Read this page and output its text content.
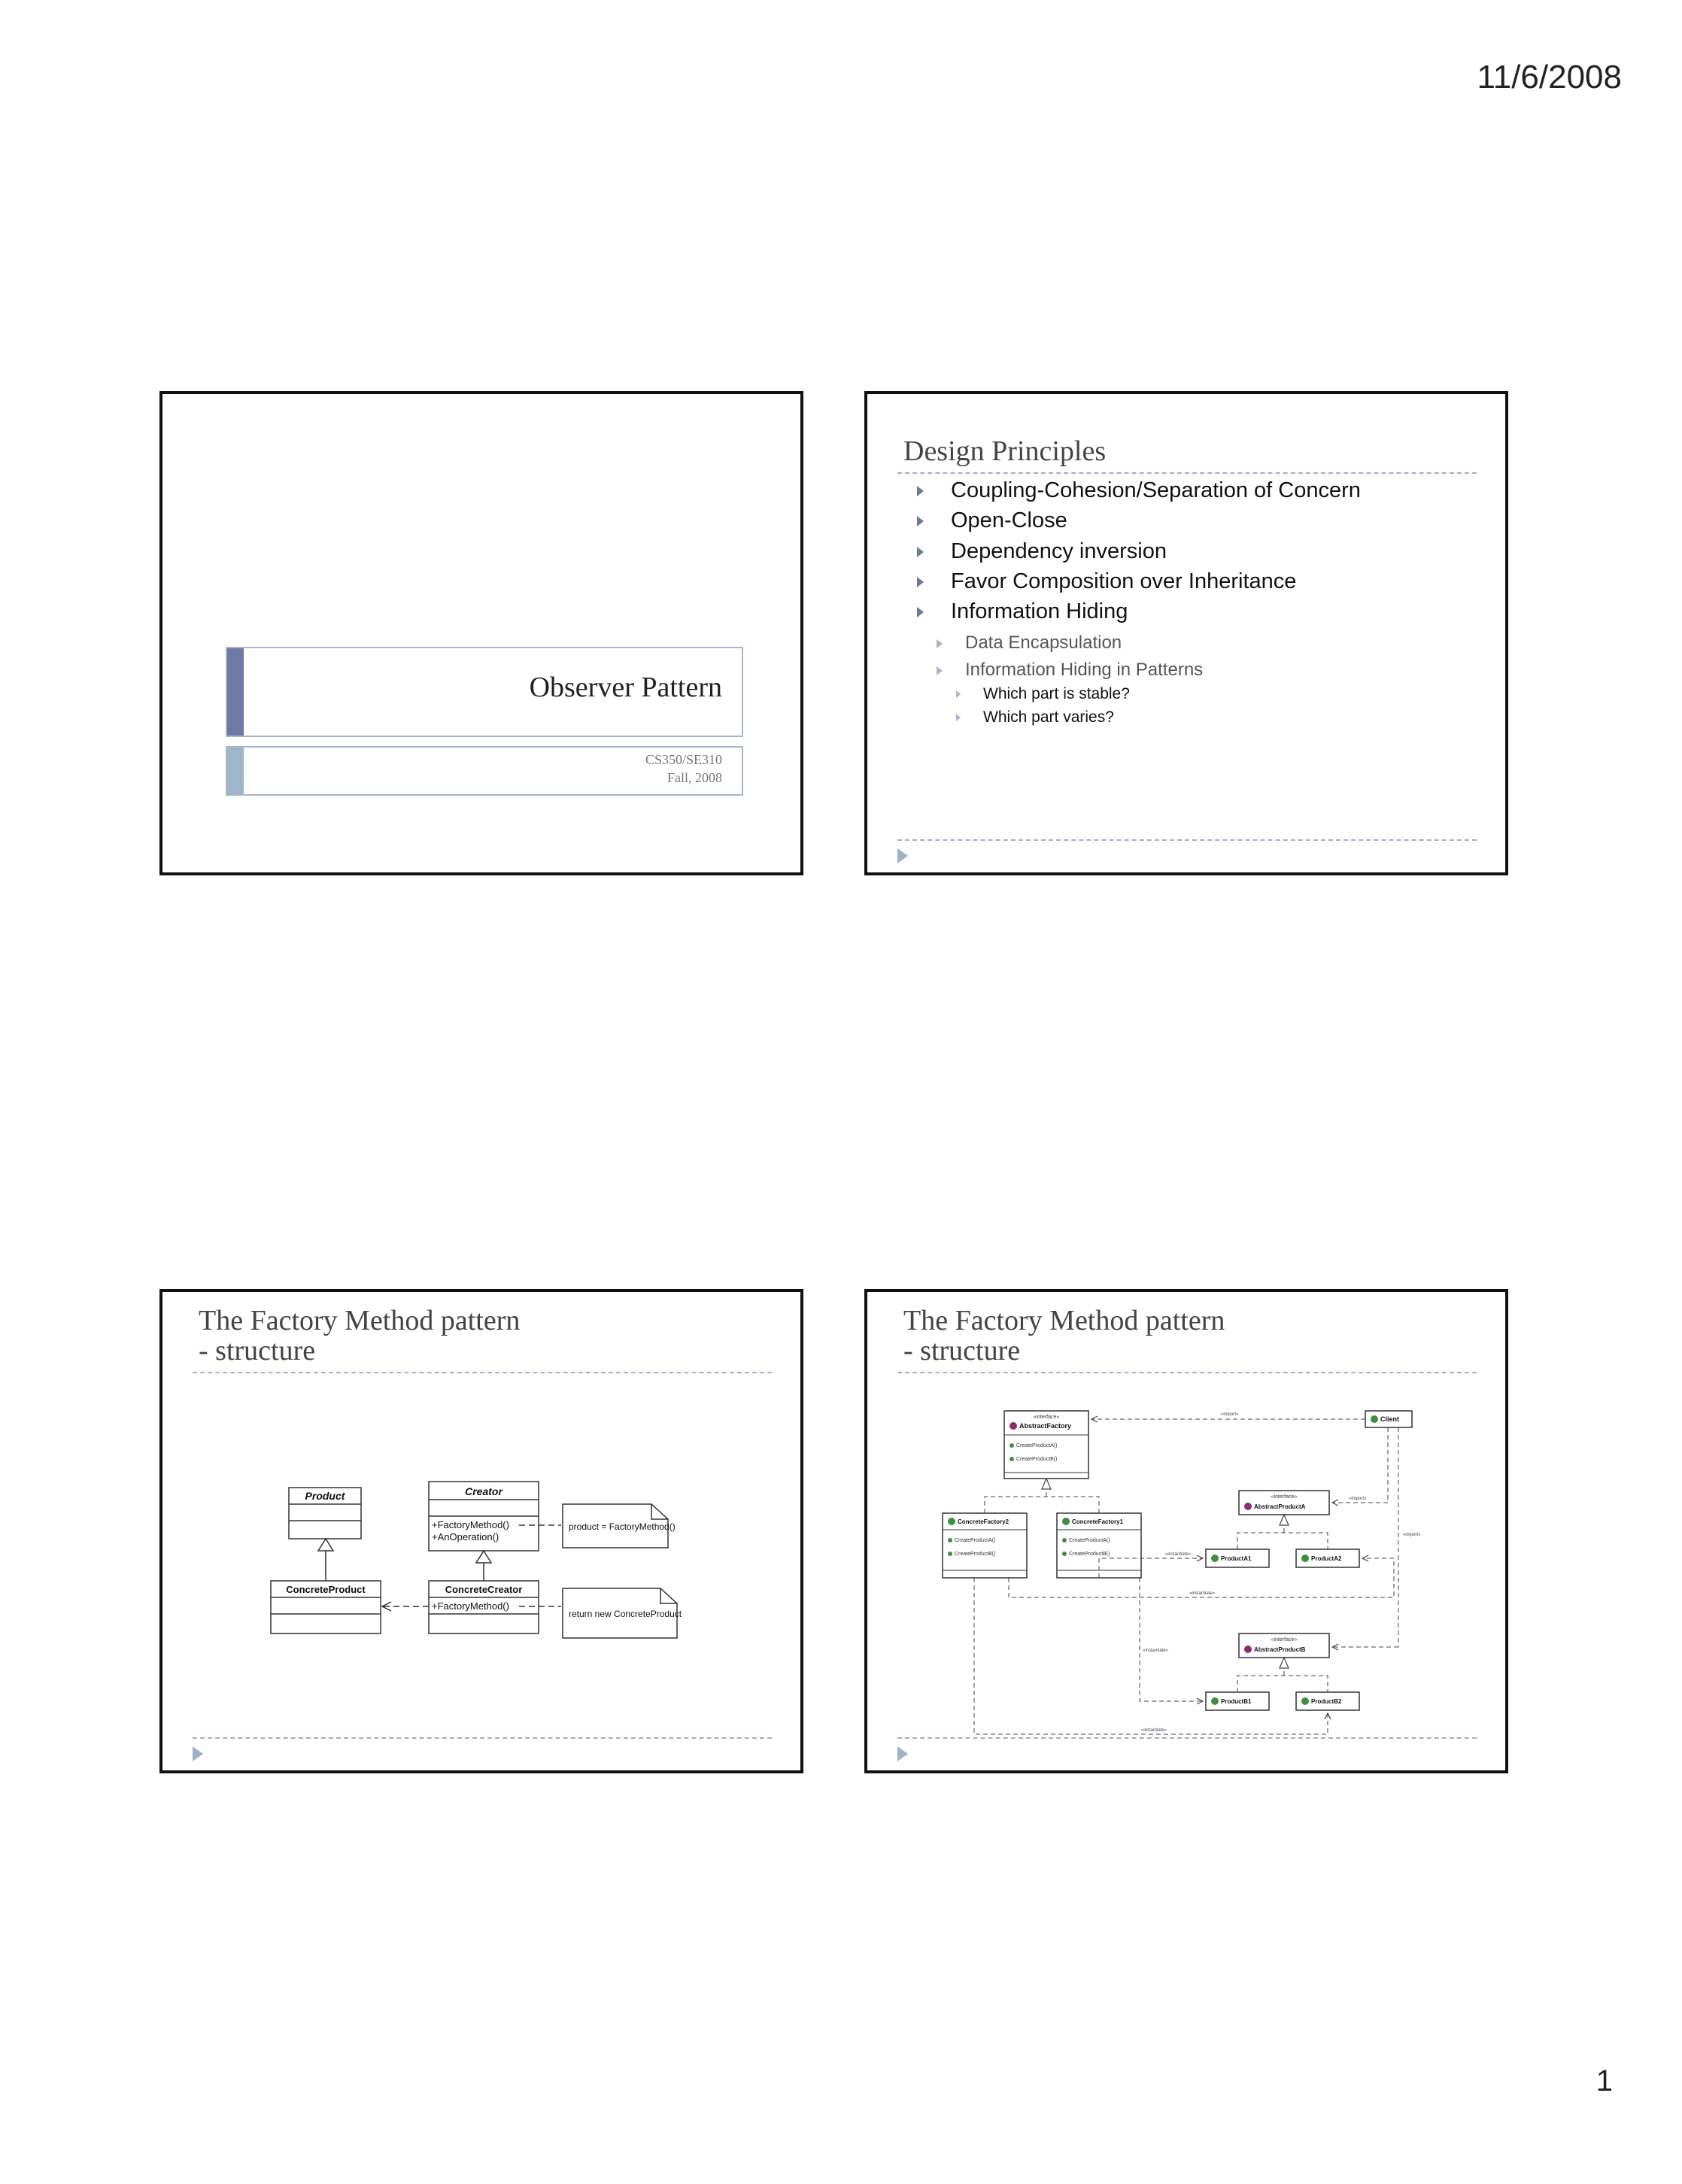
11/6/2008
Observer Pattern
CS350/SE310
Fall, 2008
Design Principles
Coupling-Cohesion/Separation of Concern
Open-Close
Dependency inversion
Favor Composition over Inheritance
Information Hiding
Data Encapsulation
Information Hiding in Patterns
Which part is stable?
Which part varies?
The Factory Method pattern
- structure
Product	Creator
+FactoryMethod()
+AnOperation()
product = FactoryMethod()
ConcreteProduct	ConcreteCreator
+FactoryMethod()
return new ConcreteProduct
The Factory Method pattern
- structure
«interface»
AbstractFactory
CreateProductA()
CreateProductB()
Client
«import»
ConcreteFactory2
CreateProductA()
CreateProductB()
ConcreteFactory1
CreateProductA()
CreateProductB()
«interface»
AbstractProductA
«import»
«import»
ProductA1	ProductA2
«instantiate»
«instantiate»
«interface»
AbstractProductB
ProductB1	ProductB2
«instantiate»
«instantiate»
1
